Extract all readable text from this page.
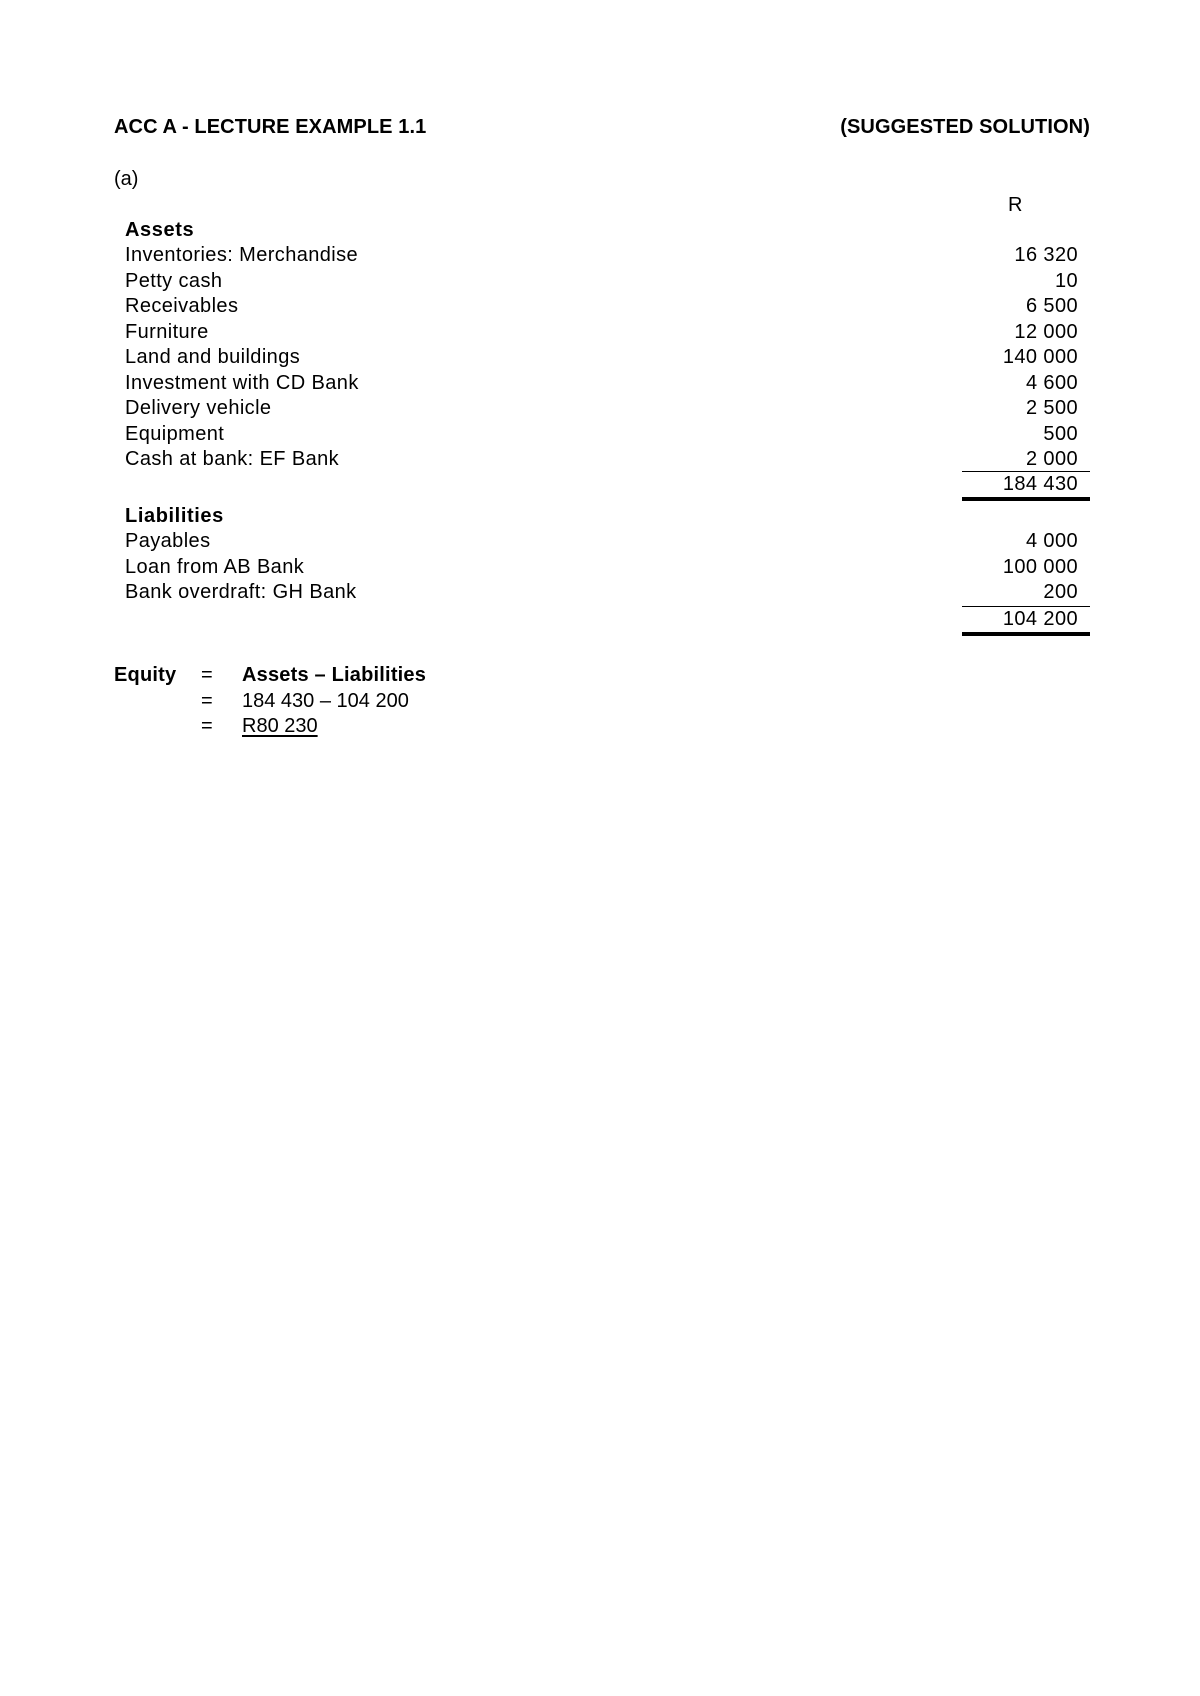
ACC A - LECTURE EXAMPLE 1.1	(SUGGESTED SOLUTION)
(a)
R
Assets
Inventories: Merchandise	16 320
Petty cash	10
Receivables	6 500
Furniture	12 000
Land and buildings	140 000
Investment with CD Bank	4 600
Delivery vehicle	2 500
Equipment	500
Cash at bank: EF Bank	2 000
184 430
Liabilities
Payables	4 000
Loan from AB Bank	100 000
Bank overdraft: GH Bank	200
104 200
Equity = Assets – Liabilities
= 184 430 – 104 200
= R80 230
